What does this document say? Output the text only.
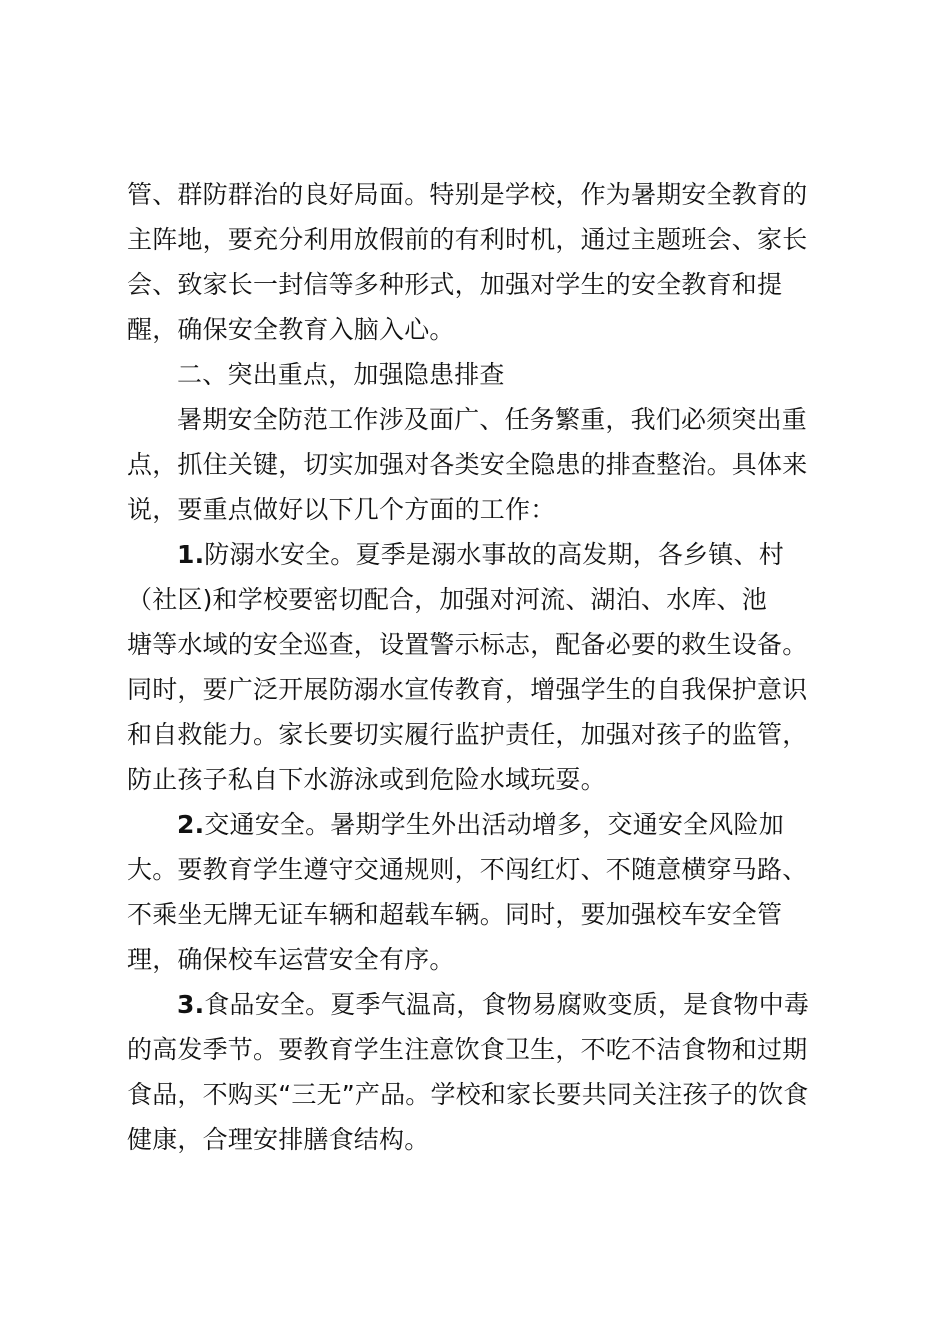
管、群防群治的良好局面。特别是学校，作为暑期安全教育的
主阵地，要充分利用放假前的有利时机，通过主题班会、家长
会、致家长一封信等多种形式，加强对学生的安全教育和提
醒，确保安全教育入脑入心。

二、突出重点，加强隐患排查

暑期安全防范工作涉及面广、任务繁重，我们必须突出重
点，抓住关键，切实加强对各类安全隐患的排查整治。具体来
说，要重点做好以下几个方面的工作：

1.防溺水安全。夏季是溺水事故的高发期，各乡镇、村
（社区)和学校要密切配合，加强对河流、湖泊、水库、池
塘等水域的安全巡查，设置警示标志，配备必要的救生设备。
同时，要广泛开展防溺水宣传教育，增强学生的自我保护意识
和自救能力。家长要切实履行监护责任，加强对孩子的监管，
防止孩子私自下水游泳或到危险水域玩耍。

2.交通安全。暑期学生外出活动增多，交通安全风险加
大。要教育学生遵守交通规则，不闯红灯、不随意横穿马路、
不乘坐无牌无证车辆和超载车辆。同时，要加强校车安全管
理，确保校车运营安全有序。

3.食品安全。夏季气温高，食物易腐败变质，是食物中毒
的高发季节。要教育学生注意饮食卫生，不吃不洁食物和过期
食品，不购买“三无”产品。学校和家长要共同关注孩子的饮食
健康，合理安排膳食结构。
